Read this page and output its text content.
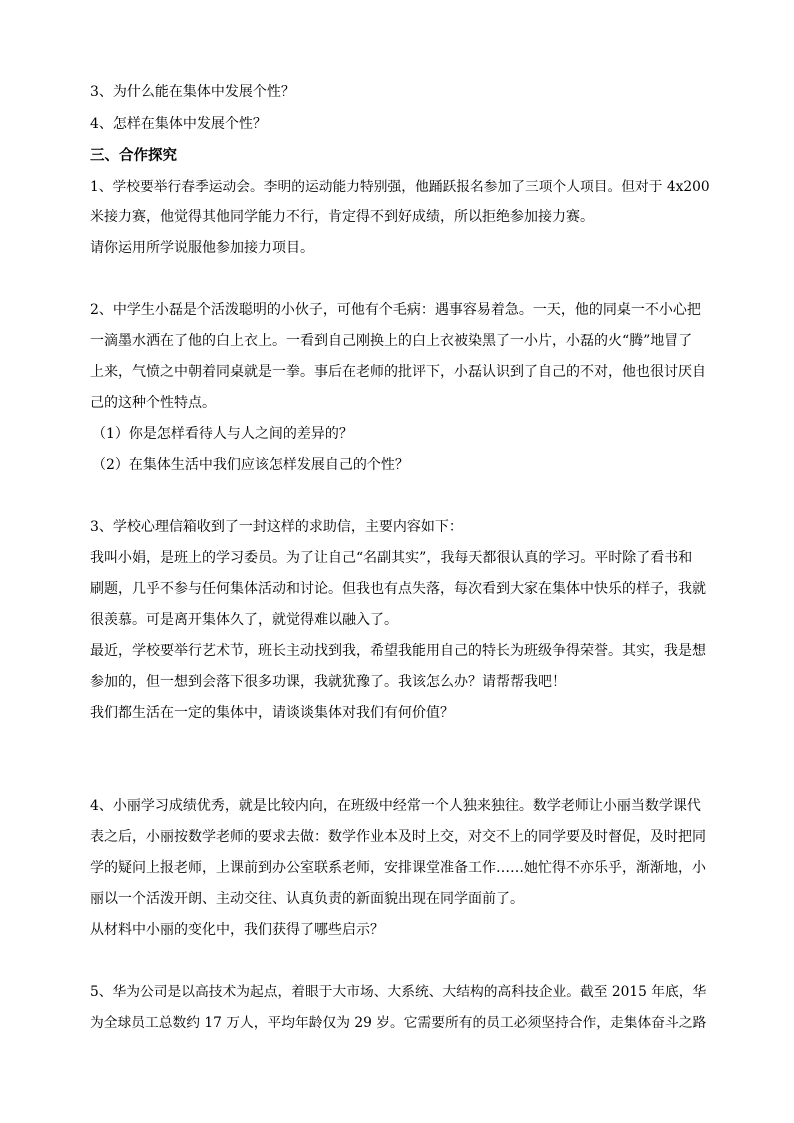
3、为什么能在集体中发展个性？
4、怎样在集体中发展个性？
三、合作探究
1、学校要举行春季运动会。李明的运动能力特别强，他踊跃报名参加了三项个人项目。但对于 4x200
米接力赛，他觉得其他同学能力不行，肯定得不到好成绩，所以拒绝参加接力赛。
请你运用所学说服他参加接力项目。
2、中学生小磊是个活泼聪明的小伙子，可他有个毛病：遇事容易着急。一天，他的同桌一不小心把
一滴墨水洒在了他的白上衣上。一看到自己刚换上的白上衣被染黑了一小片，小磊的火“腾”地冒了
上来，气愤之中朝着同桌就是一拳。事后在老师的批评下，小磊认识到了自己的不对，他也很讨厌自
己的这种个性特点。
（1）你是怎样看待人与人之间的差异的？
（2）在集体生活中我们应该怎样发展自己的个性？
3、学校心理信箱收到了一封这样的求助信，主要内容如下：
我叫小娟，是班上的学习委员。为了让自己“名副其实”，我每天都很认真的学习。平时除了看书和
刷题，几乎不参与任何集体活动和讨论。但我也有点失落，每次看到大家在集体中快乐的样子，我就
很羡慕。可是离开集体久了，就觉得难以融入了。
最近，学校要举行艺术节，班长主动找到我，希望我能用自己的特长为班级争得荣誉。其实，我是想
参加的，但一想到会落下很多功课，我就犹豫了。我该怎么办？请帮帮我吧！
我们都生活在一定的集体中，请谈谈集体对我们有何价值？
4、小丽学习成绩优秀，就是比较内向，在班级中经常一个人独来独往。数学老师让小丽当数学课代
表之后，小丽按数学老师的要求去做：数学作业本及时上交，对交不上的同学要及时督促，及时把同
学的疑问上报老师，上课前到办公室联系老师，安排课堂准备工作……她忙得不亦乐乎，渐渐地，小
丽以一个活泼开朗、主动交往、认真负责的新面貌出现在同学面前了。
从材料中小丽的变化中，我们获得了哪些启示？
5、华为公司是以高技术为起点，着眼于大市场、大系统、大结构的高科技企业。截至 2015 年底，华
为全球员工总数约 17 万人，平均年龄仅为 29 岁。它需要所有的员工必须坚持合作，走集体奋斗之路
